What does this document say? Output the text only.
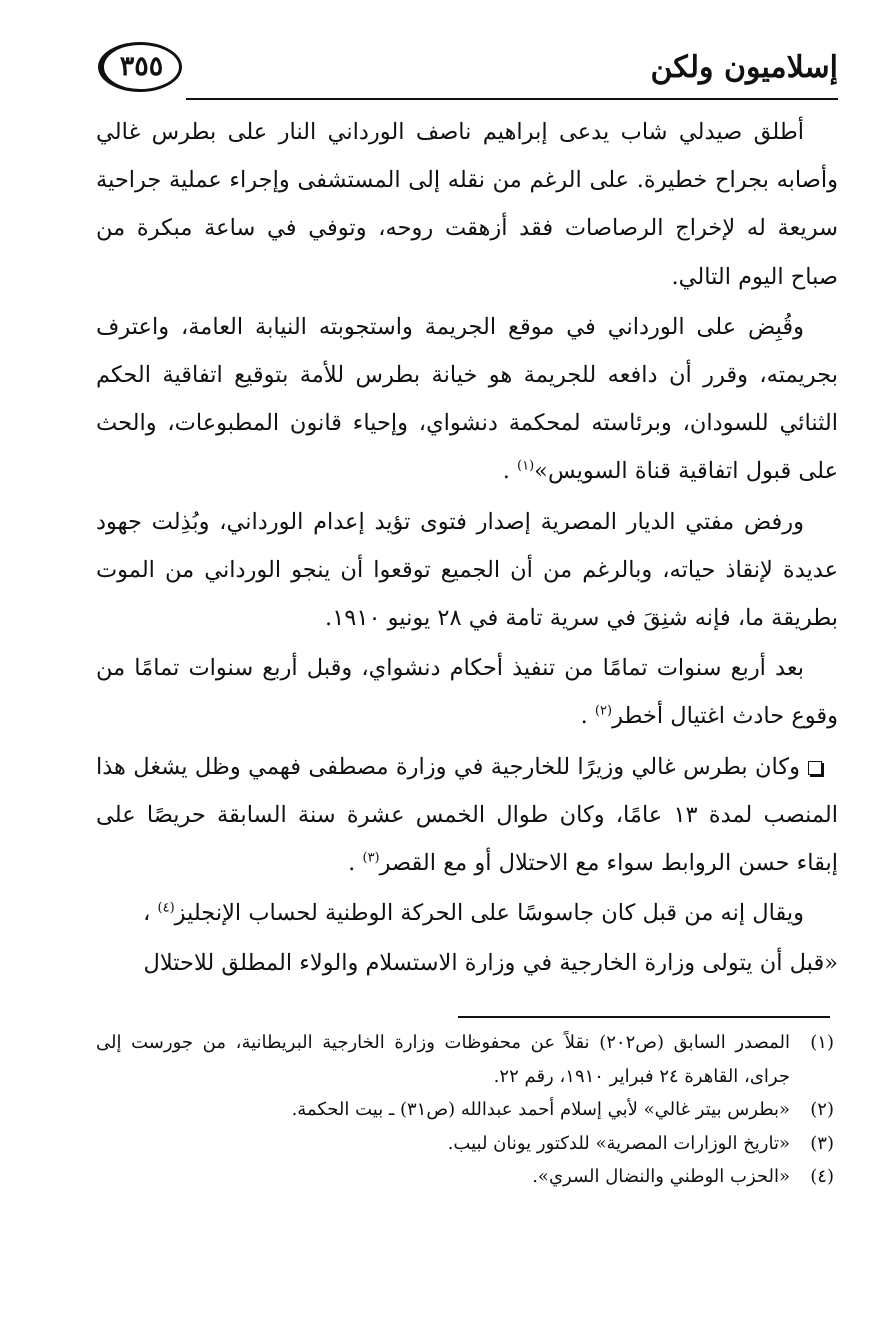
إسلاميون ولكن
٣٥٥

أطلق صيدلي شاب يدعى إبراهيم ناصف الورداني النار على بطرس غالي وأصابه بجراح خطيرة. على الرغم من نقله إلى المستشفى وإجراء عملية جراحية سريعة له لإخراج الرصاصات فقد أزهقت روحه، وتوفي في ساعة مبكرة من صباح اليوم التالي.

وقُبِض على الورداني في موقع الجريمة واستجوبته النيابة العامة، واعترف بجريمته، وقرر أن دافعه للجريمة هو خيانة بطرس للأمة بتوقيع اتفاقية الحكم الثنائي للسودان، وبرئاسته لمحكمة دنشواي، وإحياء قانون المطبوعات، والحث على قبول اتفاقية قناة السويس»$^{(١)}$ .

ورفض مفتي الديار المصرية إصدار فتوى تؤيد إعدام الورداني، وبُذِلت جهود عديدة لإنقاذ حياته، وبالرغم من أن الجميع توقعوا أن ينجو الورداني من الموت بطريقة ما، فإنه شنِقَ في سرية تامة في ٢٨ يونيو ١٩١٠.

بعد أربع سنوات تمامًا من تنفيذ أحكام دنشواي، وقبل أربع سنوات تمامًا من وقوع حادث اغتيال أخطر$^{(٢)}$ .

وكان بطرس غالي وزيرًا للخارجية في وزارة مصطفى فهمي وظل يشغل هذا المنصب لمدة ١٣ عامًا، وكان طوال الخمس عشرة سنة السابقة حريصًا على إبقاء حسن الروابط سواء مع الاحتلال أو مع القصر$^{(٣)}$ .

ويقال إنه من قبل كان جاسوسًا على الحركة الوطنية لحساب الإنجليز$^{(٤)}$ ،

«قبل أن يتولى وزارة الخارجية في وزارة الاستسلام والولاء المطلق للاحتلال

(١)
المصدر السابق (ص٢٠٢) نقلاً عن محفوظات وزارة الخارجية البريطانية، من جورست إلى جراى، القاهرة ٢٤ فبراير ١٩١٠، رقم ٢٢.
(٢)
«بطرس بيتر غالي» لأبي إسلام أحمد عبدالله (ص٣١) ـ بيت الحكمة.
(٣)
«تاريخ الوزارات المصرية» للدكتور يونان لبيب.
(٤)
«الحزب الوطني والنضال السري».
